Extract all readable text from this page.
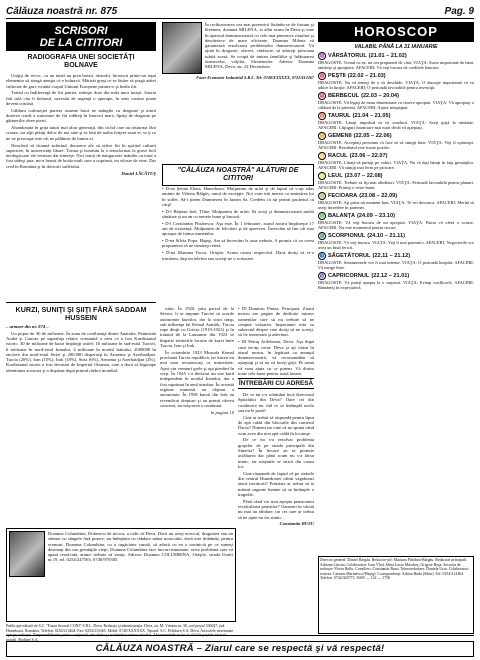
Călăuza noastră nr. 875	Pag. 9
SCRISORI
DE LA CITITORI
RADIOGRAFIA UNEI SOCIETĂŢI BOLNAVE

Uniţiţi de revoc, cu un tunel nu prea brezit, răsturlit, încearcă printr-un taşat elementar să atragă atenţia că e bolnavă. Mărirăi greşi ce se lăsăre să ţoagă atâtei cultivate de guri, exitătă corpul Uniunii Europene printra-o şi boala fiii.

Tratad cu îndiferenţă de fiii patriei, trăieşte doar din mila unor turişti. Istoria (nii urlă cău fi bolnavă, necesită de urgenţă o operaţie, în sens contrar poate deveni crăcăsă.

Călduru cufirueţiei pariezi asurme bucă ne mânglie cu dragoste şi ainrii durerea crudă a rutuseane de fiii riddieţi în lunecrit mare, lipsiţi de dragoste pe gâtmerilie alsee pietri.

Abandonată în grija tuturi mai altor generaţii, din ciclul care au răsturnat fără crauze, iar alţii plătiţi deloc de noi sine şi se lasă de naiba forţeze asan ei, se ţi ce ne ne preocupe este cât ne pălâmiri de lumea ei.

Nesuferit să chiamă suferind, deoarece afe să ralive fiii în spiritul culturii superiore, în universităţi libare. Torma şi nostrum la o transformat la grave boli neologiscare ale vermuri dar tinereţe. Nici tratul de nangurozie mândiu cu totul a fost sădeşi ţara, mi-a hranit de boala mult cure a cuprinsă, nu sifosie de vine. Dar cred în România şi în doctorii sufletului.

Daniel LĂCĂTUŞ
KURZI, SUNIŢI ŞI ŞIIŢI FĂRĂ SADDAM HUSSEIN
– urmare din nr. 874 –

Un popor de 30 de milioane. În zona de confluenţă dintre Anatolia, Peninsula Arabă şi Caucaz pe suprafaţa relativ constantă a ceea ce a fost Kurdistanul istoric, 30 de milioane de kurzi împărţiţi astfel: 16 milioane în sud-estul Turciei, 6 milioane în nord-estul Iranului, 4 milioane în nordul Irakului, 2000000 în enclave din nord-estul Siriei şi 200.000 dispersaţi în Armenia şi Azerbaidjan. Turcia (20%), Iran (15%), Irak (18%), Siria (6%), Armenia şi Azerbaidjan (2%). Kurdistanul istoric a fost devastat de Imperiul Otoman, care a dorit să îngroape identitatea acestora şi a dispărut după primul război mondial.

rului. În 1920, prin pactul de la Sèvres, li se impune Turciei să acorde autonomie kurzilor, dar la scurt timp, sub influenţa lui Kemal Atatürk, Turcia rupe dinţii cu Grecia (1919-1922) şi în tratatul de la Lausanne din 1923 se împarte teritoriile locuite de kurzi între Turcia, Iran şi Irak.

În octombrie 1923 Mustafa Kemal proclamă Turcia republică, iar kurzii nu mai sunt recunoscuţi ca minoritate. Apoi vin vremuri grele şi aşa pierderi în vieţi. În 1945 s-a declarat un stat kurd independent în nordul Iranului, dar a fost suprimat în anul următor. În această regiune iranienii au obţinut o autonomie. În 1958 kurzii din Irak au revendicat drepturi şi au primit câteva concesii, iar mişcarea a continuat.

în pagina 10
Doamna Columbina, Dobrescu de nicicu, a oolit să Deva. Dacă nu aveţi norocul, dragostea sau un sârmoi cu sângele fără purere, nu îndepărta cu răbdare mâna norocului, dacă este dobânda, pentru vremuri. Doamna Columbina, cu o rugăciune curată, să aducă cu ea o noriniciă pe ce sunteţi destinaţi din cau greutăţile vieţii. Doamna Columbina face lucruri minunate, orice problemă care vă apasă rezolvată, atunci trebuie să veniţi. Adresa: Doamna COLUMBINA, Orăştie, strada Unirii nr.19, tel. 0254/247565, 0740/970305.
În rechiusivarea cea mai puternică lăsându-se de furtuni şi bleemea, doamna MILENA, ai aflat acum în Deva şi vine în ajutorul dumneavoastră cu cele mai puternice ritualuri şi descântece de mare eficiente. Doamna Milena vă garantează rezolvarea problemelor dumneavoastră. Vă ajută în dragoste, afaceri, căsătorie, să aduceţi persoana iubită acasă. Se ocupă de unirea familiilor şi înlăturarea farmecelor, vrăjilor, blestemelor. Adresa: Doamna MILENA, Deva, str. 22 Decembrie.
Fazer Economic Industrial S.R.L. Tel: 0740/XXXXXX, 0722/412267
"CĂLĂUZA NOASTRĂ" ALĂTURI DE CITITORI

• D-na Şeitan Elena, Hunedoara: Mulţumim de urări şi de faptul că v-aţi adus aminte de Valeriu Bălgăs, omul de excepţie. Noi vom trăi mereu cu amintirea lui în suflet. Să-i ţinem Dumnezeu în lumea Sa. Credem că ați primit pachetul cu cărţi!

• D-l Băjtean Ioel, Tîlne: Mulţumim de urări. Să aveţi şi dumneavoastră multă sănătate şi un an cu temeie bune şi bucurii.

• D-l Constantin Flisărescu: Aşa este. În 1 februarie, ziarul nostru împlineşte 17 ani de existenţă. Mulţumim de felicitări şi de aprecieri. Încercăm să fim cât mai aproape de inima oamenilor.

• D-na Silvia Popa, Haţeg: Am să încercăm la ziua trebuia. A promis că va cerea propunerea să ne trimiteţi reteta.

• D-na Mariana Turcu, Orăştie: Acum cartea respectivă. Dacă doriţi să vi-o trimitem, daţi un telefon sau scrieţi-ne o scrisoare.

• Dl Dumitru Pintea, Petroşani: Ziarul nostru are pagini de dedicate tuturor oamenilor care să nu trebuie să ne conţină valoarea. Importante este ca subiectul despre care doriţi să ne scrieţi, să fie interesant şi adevărat.

• Dl Petruţ Ardeleanu, Deva: Aşa după cum ne-aţi cerut: Deva şi aţi văzut în ziarul nostru, în legătură cu anunţul dumneavoastră, vă recomandăm să aşteptaţi şi să nu vă faceţi griji. Pe urmă vă vom ajuta cu ce putem. Vă dorim toate cele bune pentru toată lumea.

ÎNTREBĂRI CU ADRESĂ

De ce nu s-a schimbat încă directorul Spitalului din Deva? Oare cei din conducere nu văd ce se întâmplă acolo sau nu le pasă?

Cine ar trebui să răspundă pentru lipsa de apă caldă din blocurile din cartierul Dacia? Nimeni nu vine să ne spună când vom avea din nou apă caldă în locuinţe.

De ce nu s-a rezolvat problema gropilor de pe strada principală din Simeria? În fiecare an se promite asfaltarea dar până acum nu s-a făcut nimic, iar maşinile se strică din cauza lor.

Cine răspunde de faptul că pe străzile din centrul Hunedoarei câinii vagabonzi atacă trecătorii? Primăria ar trebui să ia măsuri urgente înainte să se întâmple o tragedie.

Până când vor mai aştepta pensionarii recalcularea pensiilor? Oamenii în vârstă nu mai au răbdare, iar cei care ar trebui să ne ajute nu fac nimic.

Constantin RUSU
HOROSCOP
VALABIL PÂNĂ LA 31 IANUARIE
♒ VĂRSĂTORUL (21.01 – 21.02)
DRAGOSTE: Trenul cu ea, nu cea propuneri de cină. VIAŢA: Surse importante de bani, tandreţe şi apropiere. AFACERI: Vă veţi bucura de creditele bancare.
♓ PEŞTII (22.02 – 21.03)
DRAGOSTE: Nu vă temeţi de a vă deschide. VIAŢA: O discuţie importantă vă va aduce în linişte. AFACERI: O perioadă favorabilă pentru investiţii.
♈ BERBECUL (22.03 – 20.04)
DRAGOSTE: Vă legaţi de noua dimensiune cu cineva apropiat. VIAŢA: Vă apropiaţi o căldură de la prieteni. AFACERI: Ajutor neaşteptat.
♉ TAURUL (21.04 – 21.05)
DRAGOSTE: Lăsaţi impulsul să vă conducă. VIAŢA: Aveţi grijă la sănătate. AFACERI: Câştiguri financiare mai mari decât vă aşteptaţi.
♊ GEMENII (22.05 – 22.06)
DRAGOSTE: Acceptaţi persoana vă face să vă simţiţi bine. VIAŢA: Veţi fi optimişti. AFACERI: Rezultatul este foarte pozitiv.
♋ RACUL (23.06 – 22.07)
DRAGOSTE: Lăsaţi-vă purtaţi pe valuri. VIAŢA: Nu vă daţi bătuţi în faţa greutăţilor. AFACERI: Vă simţiţi mai ferm pe picioare.
♌ LEUL (23.07 – 22.08)
DRAGOSTE: Trebuie să fiţi mai răbdători. VIAŢA: Perioadă favorabilă pentru planuri. AFACERI: Primiţi o veste bună.
♍ FECIOARA (23.08 – 22.09)
DRAGOSTE: Aţi prins un moment bun. VIAŢA: Te vei descurca. AFACERI: Merită să aveţi încredere în partener.
♎ BALANŢA (24.09 – 23.10)
DRAGOSTE: Vă veţi bucura de un apropiat. VIAŢA: Patria vă oferă o ocazie. AFACERI: Nu este momentul pentru riscuri.
♏ SCORPIONUL (24.10 – 21.11)
DRAGOSTE: Vă veţi bucura. VIAŢA: Veţi fi mai puternici. AFACERI: Negocierile vor avea un final fericit.
♐ SĂGETĂTORUL (22.11 – 21.12)
DRAGOSTE: Sentimentele vor fi mai intense. VIAŢA: O perioadă liniştită. AFACERI: Vă merge bine.
♑ CAPRICORNUL (22.12 – 21.01)
DRAGOSTE: Vă puteţi aştepta la o surpriză. VIAŢA: Evitaţi conflictele. AFACERI: Rămâneţi în expectativă.
Publicaţie editată de S.C. "Fazza Seowal CONI" S.R.L. Deva. Redacţia şi administraţia: Deva, str. M. Viteazu nr. 30, cod poştal 330047, jud. Hunedoara, România. Telefon: 0254/214464. Fax: 0254/213365. Mobil: 0740/XXXXXX. Tiparul: S.C. Polidava S.A. Deva. Articolele nesemnate aparţin redacţiei. Responsabilitatea pentru conţinutul articolelor şi reclamelor revine autorilor. Abonamentele se fac la oficiile poştale, factorii poştali, Rodipet S.A.
Director general: Daniel Bărgău. Redactor-şef: Mariana Flindaru-Bărgău. Redactori principali: Adriana Lăscău. Colaboratori: Ioan Vlad, Alina Lucia Muscheş, Grigore Haşa. Secretar de redacţie: Florin Bellu. Consilieri: Constantin Rusu. Tehnoredactare: Daniela Ursu. Colaboratori externi: Carmen Marinescu (Haţeg). Corespondenţi: Adrian Buda (Sibiu). Tel: 0254/214464. Telefon: 0742/420773. ISSN — 122 — 1756
CĂLĂUZA NOASTRĂ – Ziarul care se respectă şi vă respectă!
